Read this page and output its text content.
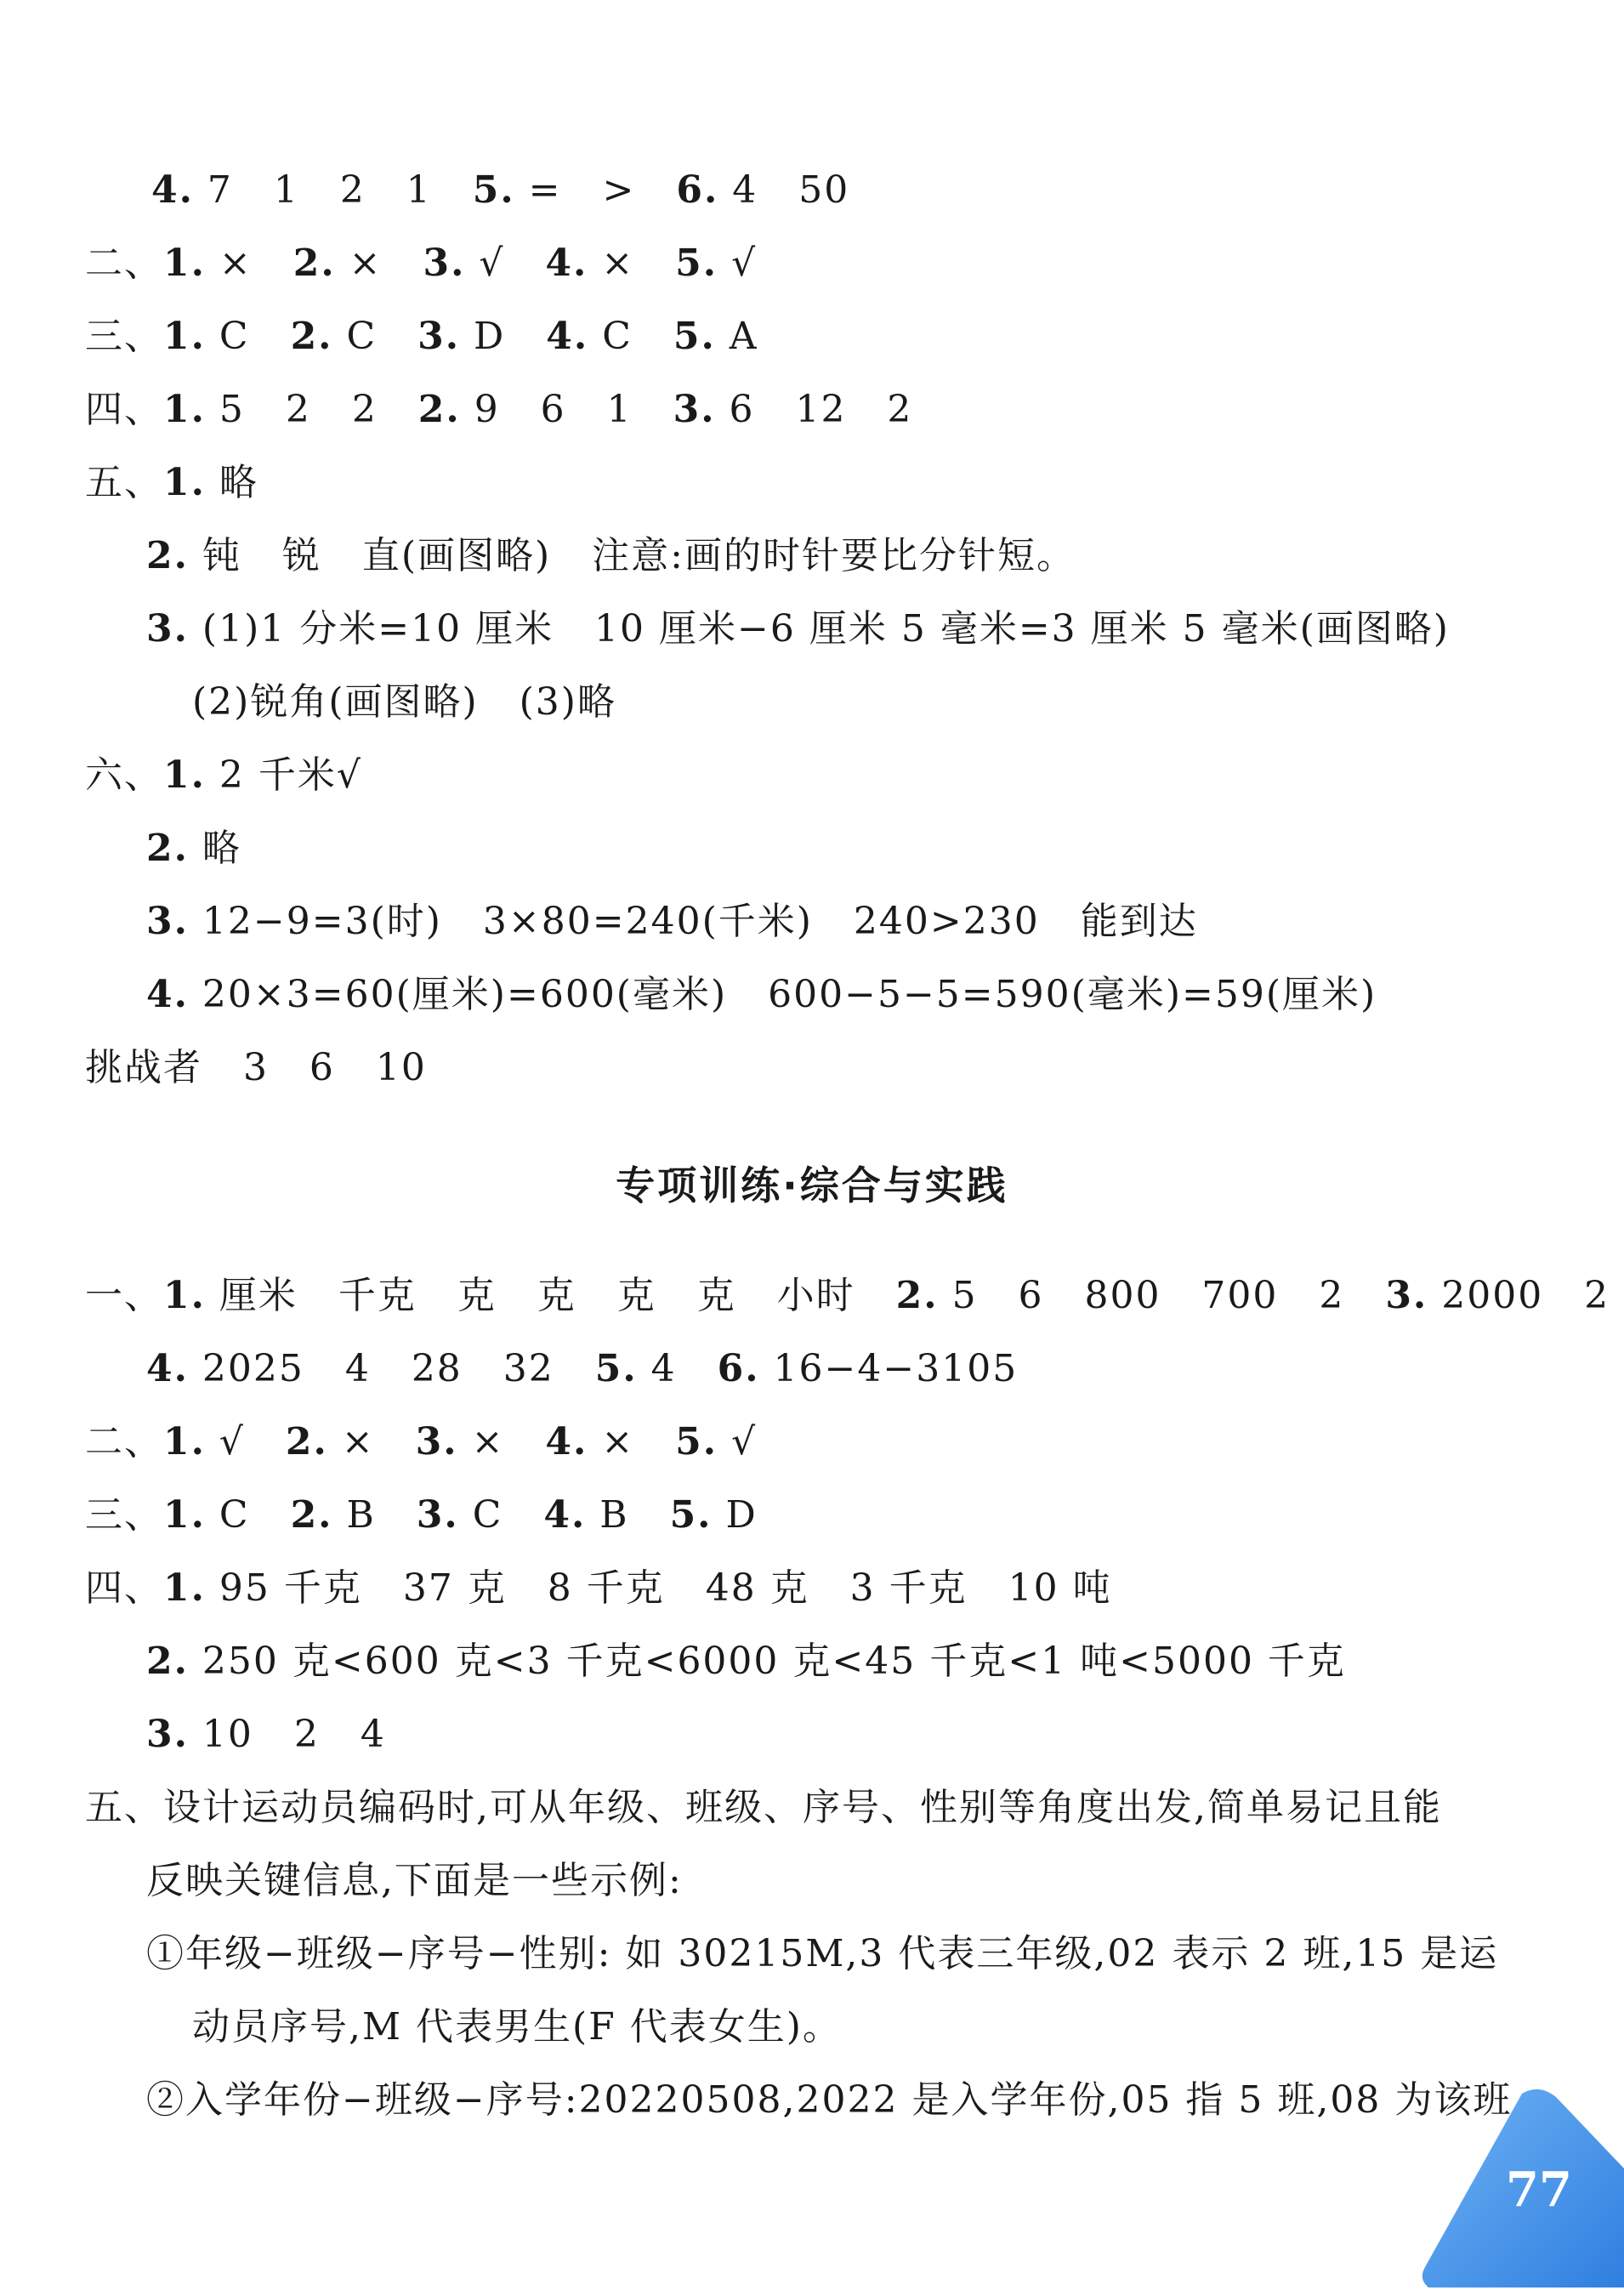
4. 7   1   2   1   5. =   >   6. 4   50
二、1. ×   2. ×   3. √   4. ×   5. √
三、1. C   2. C   3. D   4. C   5. A
四、1. 5   2   2   2. 9   6   1   3. 6   12   2
五、1. 略
2. 钝   锐   直(画图略)   注意:画的时针要比分针短。
3. (1)1 分米=10 厘米   10 厘米−6 厘米 5 毫米=3 厘米 5 毫米(画图略)
(2)锐角(画图略)   (3)略
六、1. 2 千米√
2. 略
3. 12−9=3(时)   3×80=240(千米)   240>230   能到达
4. 20×3=60(厘米)=600(毫米)   600−5−5=590(毫米)=59(厘米)
挑战者   3   6   10
一、1. 厘米   千克   克   克   克   克   小时   2. 5   6   800   700   2   3. 2000   2
4. 2025   4   28   32   5. 4   6. 16−4−3105
二、1. √   2. ×   3. ×   4. ×   5. √
三、1. C   2. B   3. C   4. B   5. D
四、1. 95 千克   37 克   8 千克   48 克   3 千克   10 吨
2. 250 克<600 克<3 千克<6000 克<45 千克<1 吨<5000 千克
3. 10   2   4
五、设计运动员编码时,可从年级、班级、序号、性别等角度出发,简单易记且能
反映关键信息,下面是一些示例:
①年级−班级−序号−性别: 如 30215M,3 代表三年级,02 表示 2 班,15 是运
动员序号,M 代表男生(F 代表女生)。
②入学年份−班级−序号:20220508,2022 是入学年份,05 指 5 班,08 为该班
专项训练·综合与实践
77
